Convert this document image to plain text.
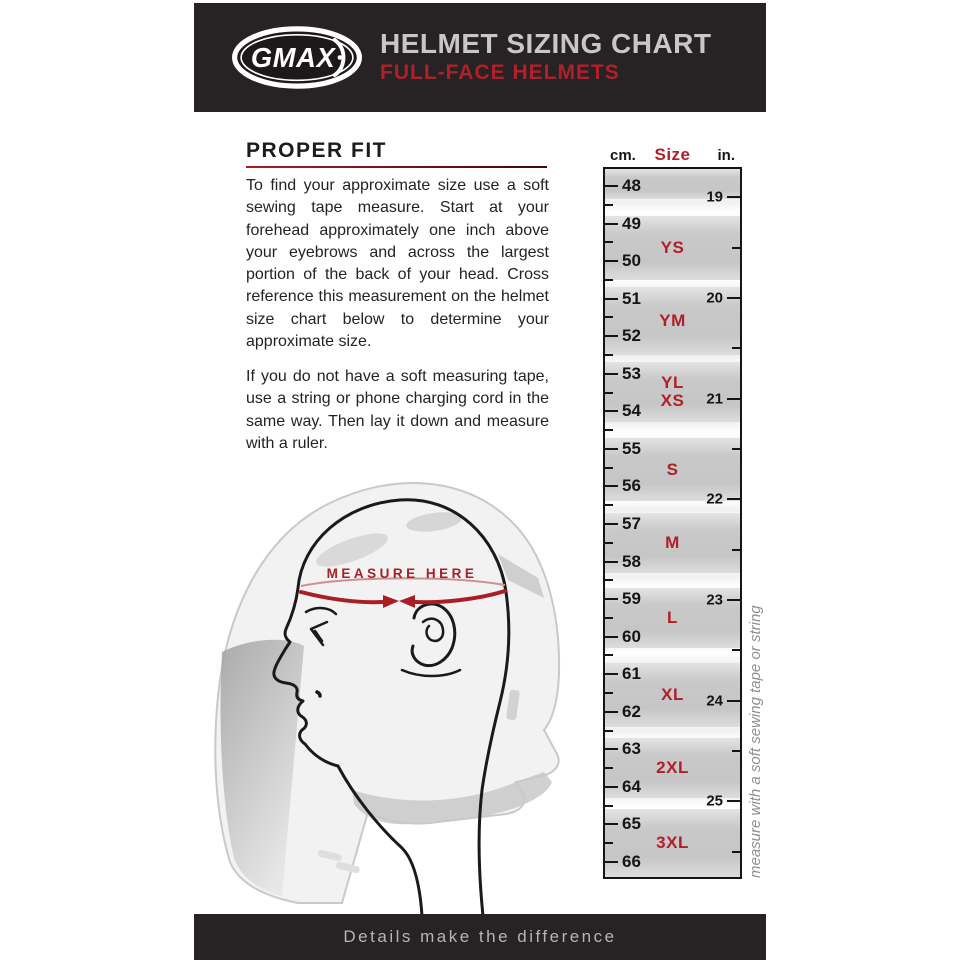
GMAX HELMET SIZING CHART
FULL-FACE HELMETS
PROPER FIT
To find your approximate size use a soft sewing tape measure. Start at your forehead approximately one inch above your eyebrows and across the largest portion of the back of your head. Cross reference this measurement on the helmet size chart below to determine your approximate size.
If you do not have a soft measuring tape, use a string or phone charging cord in the same way. Then lay it down and measure with a ruler.
MEASURE HERE
cm.	Size	in.
YS
YM
YL
XS
S
M
L
XL
2XL
3XL
48
49
50
51
52
53
54
55
56
57
58
59
60
61
62
63
64
65
66
19
20
21
22
23
24
25 measure with a soft sewing tape or string
Details make the difference
